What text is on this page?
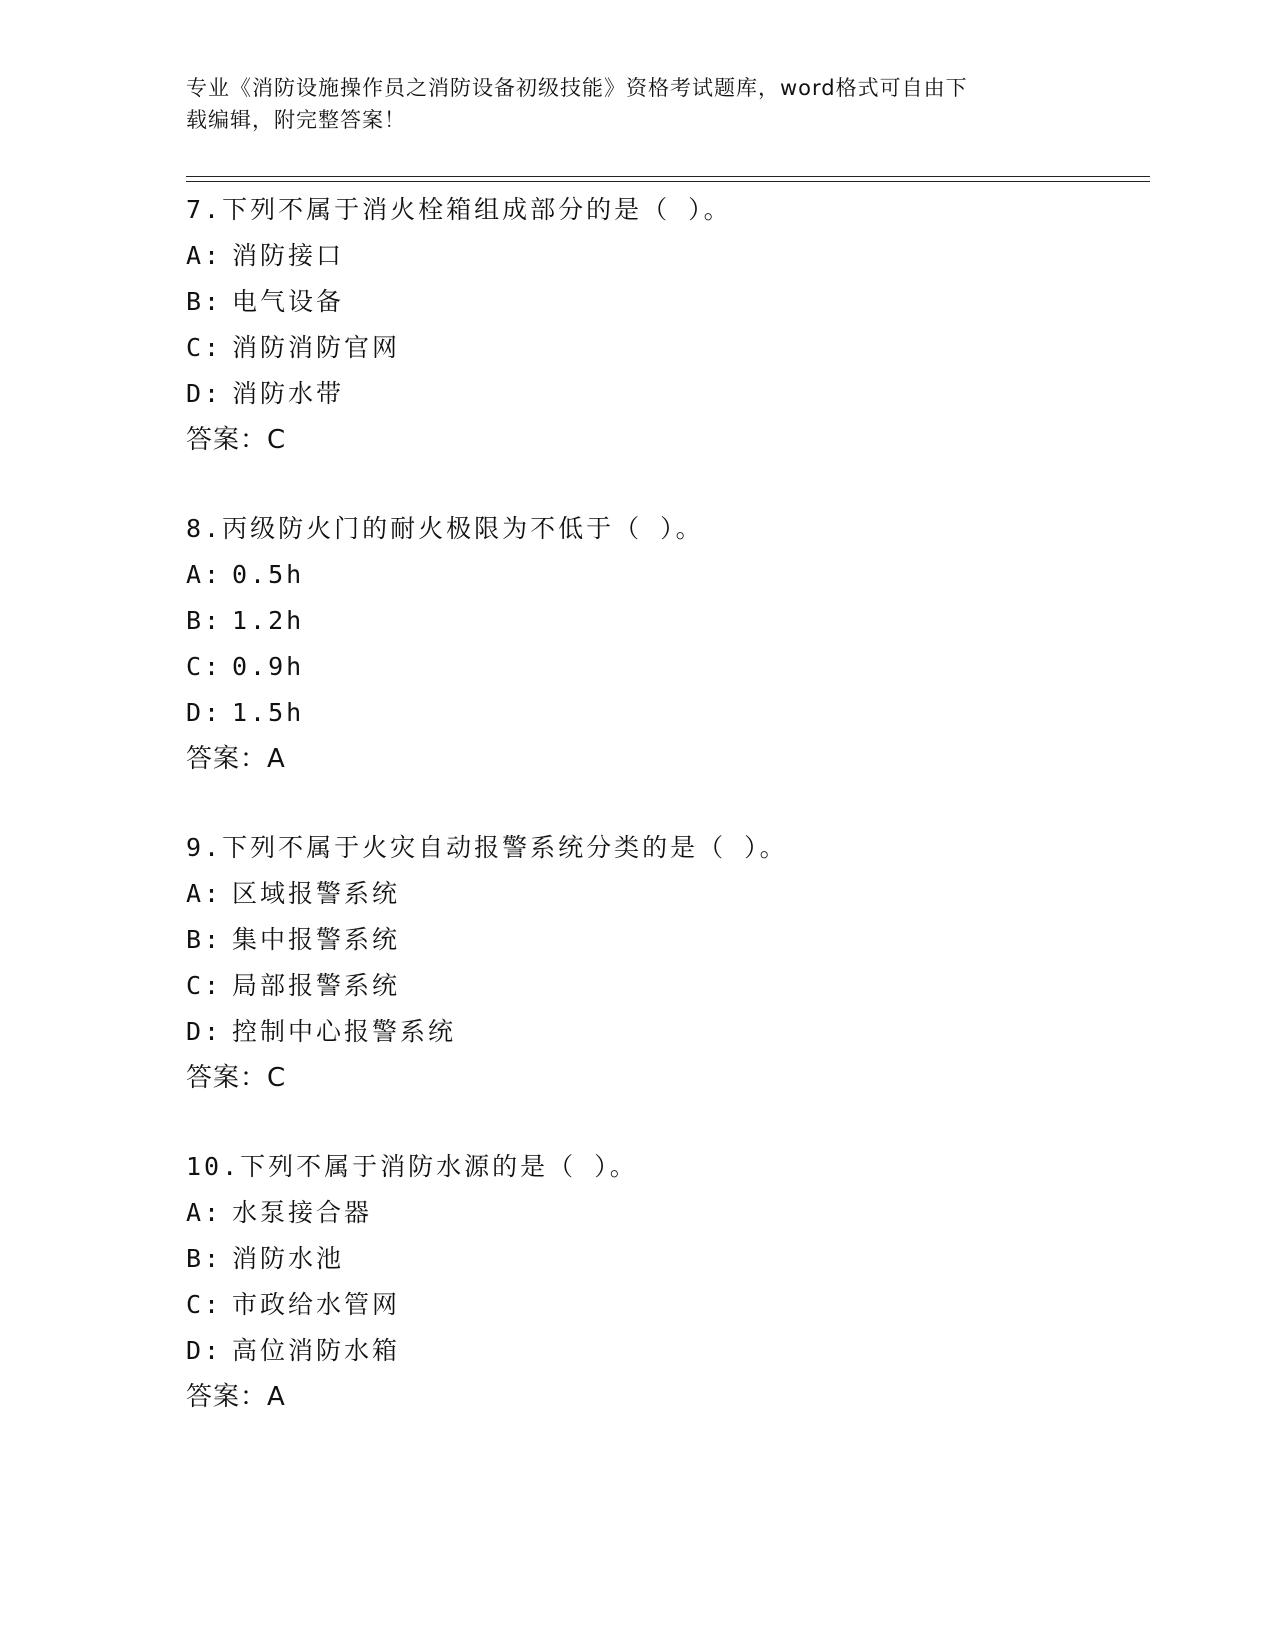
专业《消防设施操作员之消防设备初级技能》资格考试题库，word格式可自由下
载编辑，附完整答案！
7.下列不属于消火栓箱组成部分的是（ ）。
A: 消防接口
B: 电气设备
C: 消防消防官网
D: 消防水带
答案：C
8.丙级防火门的耐火极限为不低于（ ）。
A: 0.5h
B: 1.2h
C: 0.9h
D: 1.5h
答案：A
9.下列不属于火灾自动报警系统分类的是（ ）。
A: 区域报警系统
B: 集中报警系统
C: 局部报警系统
D: 控制中心报警系统
答案：C
10.下列不属于消防水源的是（ ）。
A: 水泵接合器
B: 消防水池
C: 市政给水管网
D: 高位消防水箱
答案：A
